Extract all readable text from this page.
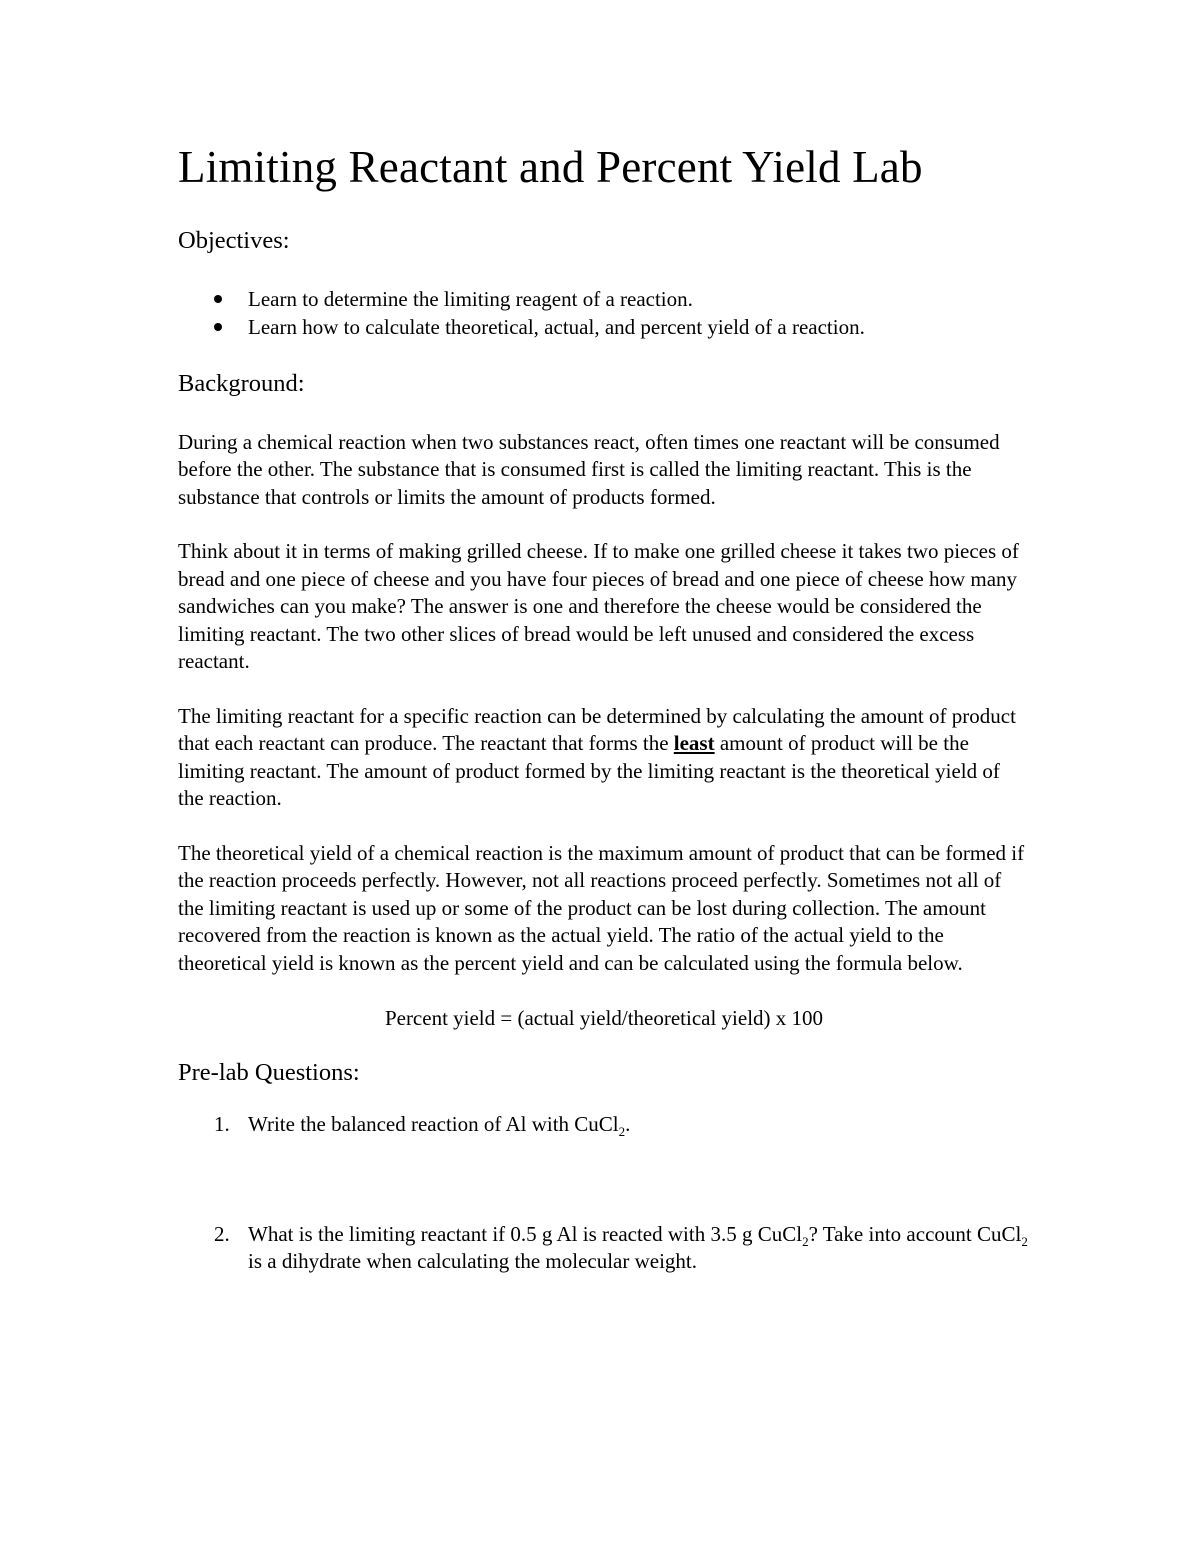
Limiting Reactant and Percent Yield Lab
Objectives:
Learn to determine the limiting reagent of a reaction.
Learn how to calculate theoretical, actual, and percent yield of a reaction.
Background:

During a chemical reaction when two substances react, often times one reactant will be consumed before the other. The substance that is consumed first is called the limiting reactant. This is the substance that controls or limits the amount of products formed.

Think about it in terms of making grilled cheese. If to make one grilled cheese it takes two pieces of bread and one piece of cheese and you have four pieces of bread and one piece of cheese how many sandwiches can you make? The answer is one and therefore the cheese would be considered the limiting reactant. The two other slices of bread would be left unused and considered the excess reactant.

The limiting reactant for a specific reaction can be determined by calculating the amount of product that each reactant can produce. The reactant that forms the least amount of product will be the limiting reactant. The amount of product formed by the limiting reactant is the theoretical yield of the reaction.

The theoretical yield of a chemical reaction is the maximum amount of product that can be formed if the reaction proceeds perfectly. However, not all reactions proceed perfectly. Sometimes not all of the limiting reactant is used up or some of the product can be lost during collection. The amount recovered from the reaction is known as the actual yield. The ratio of the actual yield to the theoretical yield is known as the percent yield and can be calculated using the formula below.

Percent yield = (actual yield/theoretical yield) x 100
Pre-lab Questions:
1. Write the balanced reaction of Al with CuCl$_2$.
2. What is the limiting reactant if 0.5 g Al is reacted with 3.5 g CuCl$_2$? Take into account CuCl$_2$ is a dihydrate when calculating the molecular weight.
